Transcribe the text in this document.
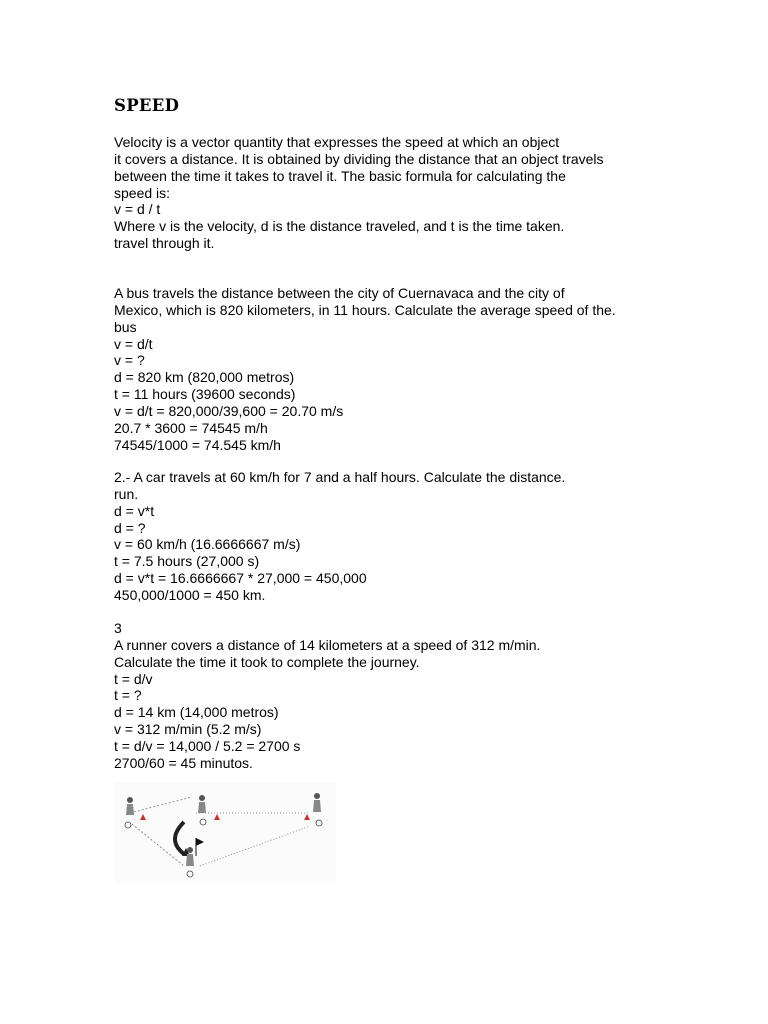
SPEED
Velocity is a vector quantity that expresses the speed at which an object
it covers a distance. It is obtained by dividing the distance that an object travels
between the time it takes to travel it. The basic formula for calculating the
speed is:
v = d / t
Where v is the velocity, d is the distance traveled, and t is the time taken.
travel through it.
A bus travels the distance between the city of Cuernavaca and the city of
Mexico, which is 820 kilometers, in 11 hours. Calculate the average speed of the.
bus
v = d/t
v = ?
d = 820 km (820,000 metros)
t = 11 hours (39600 seconds)
v = d/t = 820,000/39,600 = 20.70 m/s
20.7 * 3600 = 74545 m/h
74545/1000 = 74.545 km/h
2.- A car travels at 60 km/h for 7 and a half hours. Calculate the distance.
run.
d = v*t
d = ?
v = 60 km/h (16.6666667 m/s)
t = 7.5 hours (27,000 s)
d = v*t = 16.6666667 * 27,000 = 450,000
450,000/1000 = 450 km.
3
A runner covers a distance of 14 kilometers at a speed of 312 m/min.
Calculate the time it took to complete the journey.
t = d/v
t = ?
d = 14 km (14,000 metros)
v = 312 m/min (5.2 m/s)
t = d/v = 14,000 / 5.2 = 2700 s
2700/60 = 45 minutos.
